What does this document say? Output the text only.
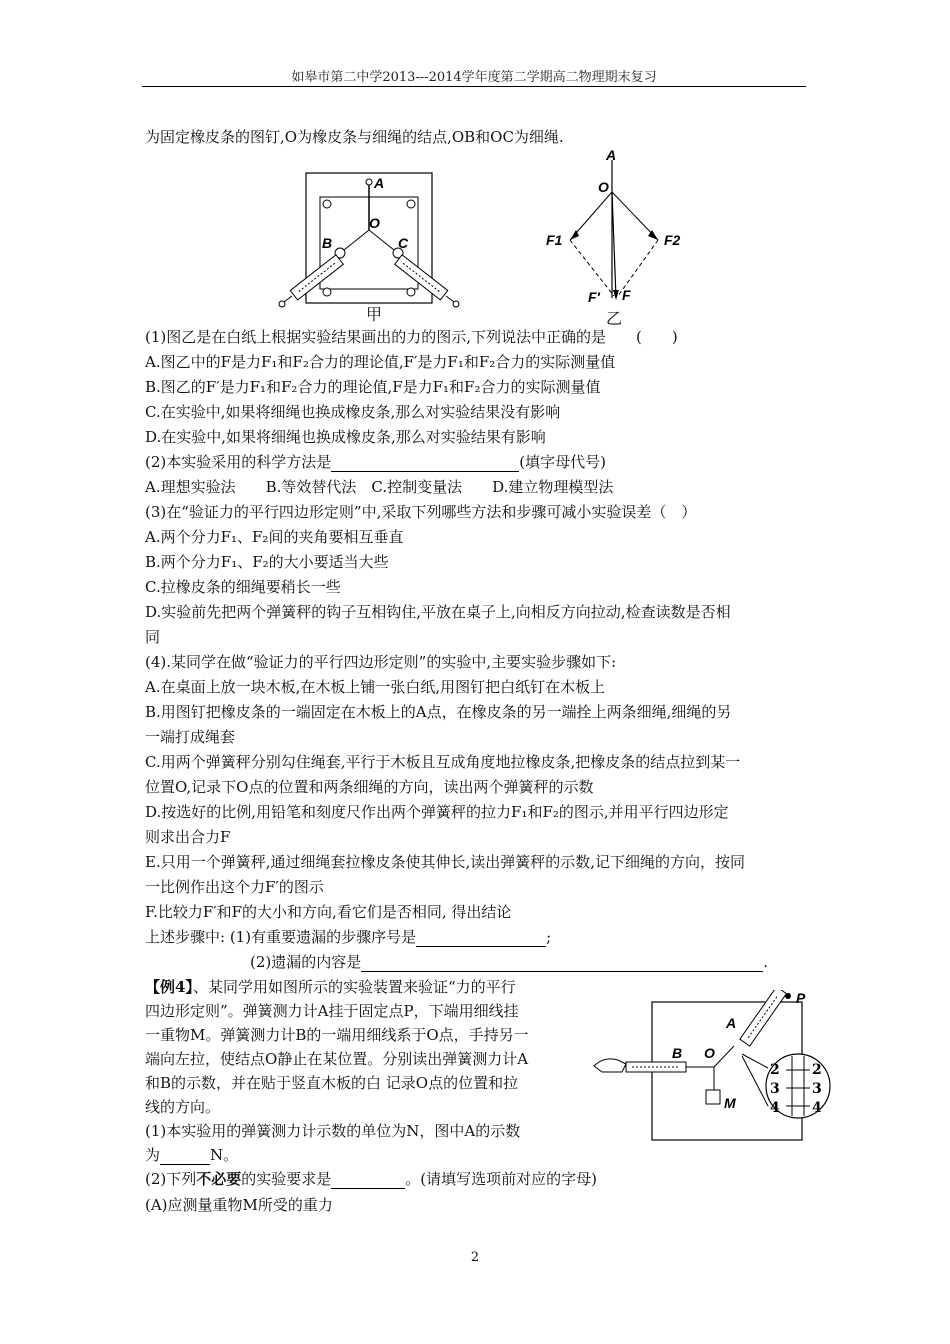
如皋市第二中学2013---2014学年度第二学期高二物理期末复习
为固定橡皮条的图钉,O为橡皮条与细绳的结点,OB和OC为细绳.
A
O
B	C
甲
A
O
F1	F2
F′ F
乙
(1)图乙是在白纸上根据实验结果画出的力的图示,下列说法中正确的是　　(　　)
A.图乙中的F是力F₁和F₂合力的理论值,F′是力F₁和F₂合力的实际测量值
B.图乙的F′是力F₁和F₂合力的理论值,F是力F₁和F₂合力的实际测量值
C.在实验中,如果将细绳也换成橡皮条,那么对实验结果没有影响
D.在实验中,如果将细绳也换成橡皮条,那么对实验结果有影响
(2)本实验采用的科学方法是	(填字母代号)
A.理想实验法　　B.等效替代法　C.控制变量法　　D.建立物理模型法
(3)在“验证力的平行四边形定则”中,采取下列哪些方法和步骤可减小实验误差（　）
A.两个分力F₁、F₂间的夹角要相互垂直
B.两个分力F₁、F₂的大小要适当大些
C.拉橡皮条的细绳要稍长一些
D.实验前先把两个弹簧秤的钩子互相钩住,平放在桌子上,向相反方向拉动,检查读数是否相
同
(4).某同学在做“验证力的平行四边形定则”的实验中,主要实验步骤如下:
A.在桌面上放一块木板,在木板上铺一张白纸,用图钉把白纸钉在木板上
B.用图钉把橡皮条的一端固定在木板上的A点，在橡皮条的另一端拴上两条细绳,细绳的另
一端打成绳套
C.用两个弹簧秤分别勾住绳套,平行于木板且互成角度地拉橡皮条,把橡皮条的结点拉到某一
位置O,记录下O点的位置和两条细绳的方向，读出两个弹簧秤的示数
D.按选好的比例,用铅笔和刻度尺作出两个弹簧秤的拉力F₁和F₂的图示,并用平行四边形定
则求出合力F
E.只用一个弹簧秤,通过细绳套拉橡皮条使其伸长,读出弹簧秤的示数,记下细绳的方向，按同
一比例作出这个力F′的图示
F.比较力F′和F的大小和方向,看它们是否相同, 得出结论
上述步骤中: (1)有重要遗漏的步骤序号是	;
(2)遗漏的内容是	.
【例4】、某同学用如图所示的实验装置来验证“力的平行
四边形定则”。弹簧测力计A挂于固定点P，下端用细线挂
一重物M。弹簧测力计B的一端用细线系于O点，手持另一
端向左拉，使结点O静止在某位置。分别读出弹簧测力计A
和B的示数，并在贴于竖直木板的白 记录O点的位置和拉
线的方向。
(1)本实验用的弹簧测力计示数的单位为N，图中A的示数
为	N。
(2)下列不必要的实验要求是	。(请填写选项前对应的字母)
(A)应测量重物M所受的重力
P
A
B O
M
2
3
4
2
3
4
2
